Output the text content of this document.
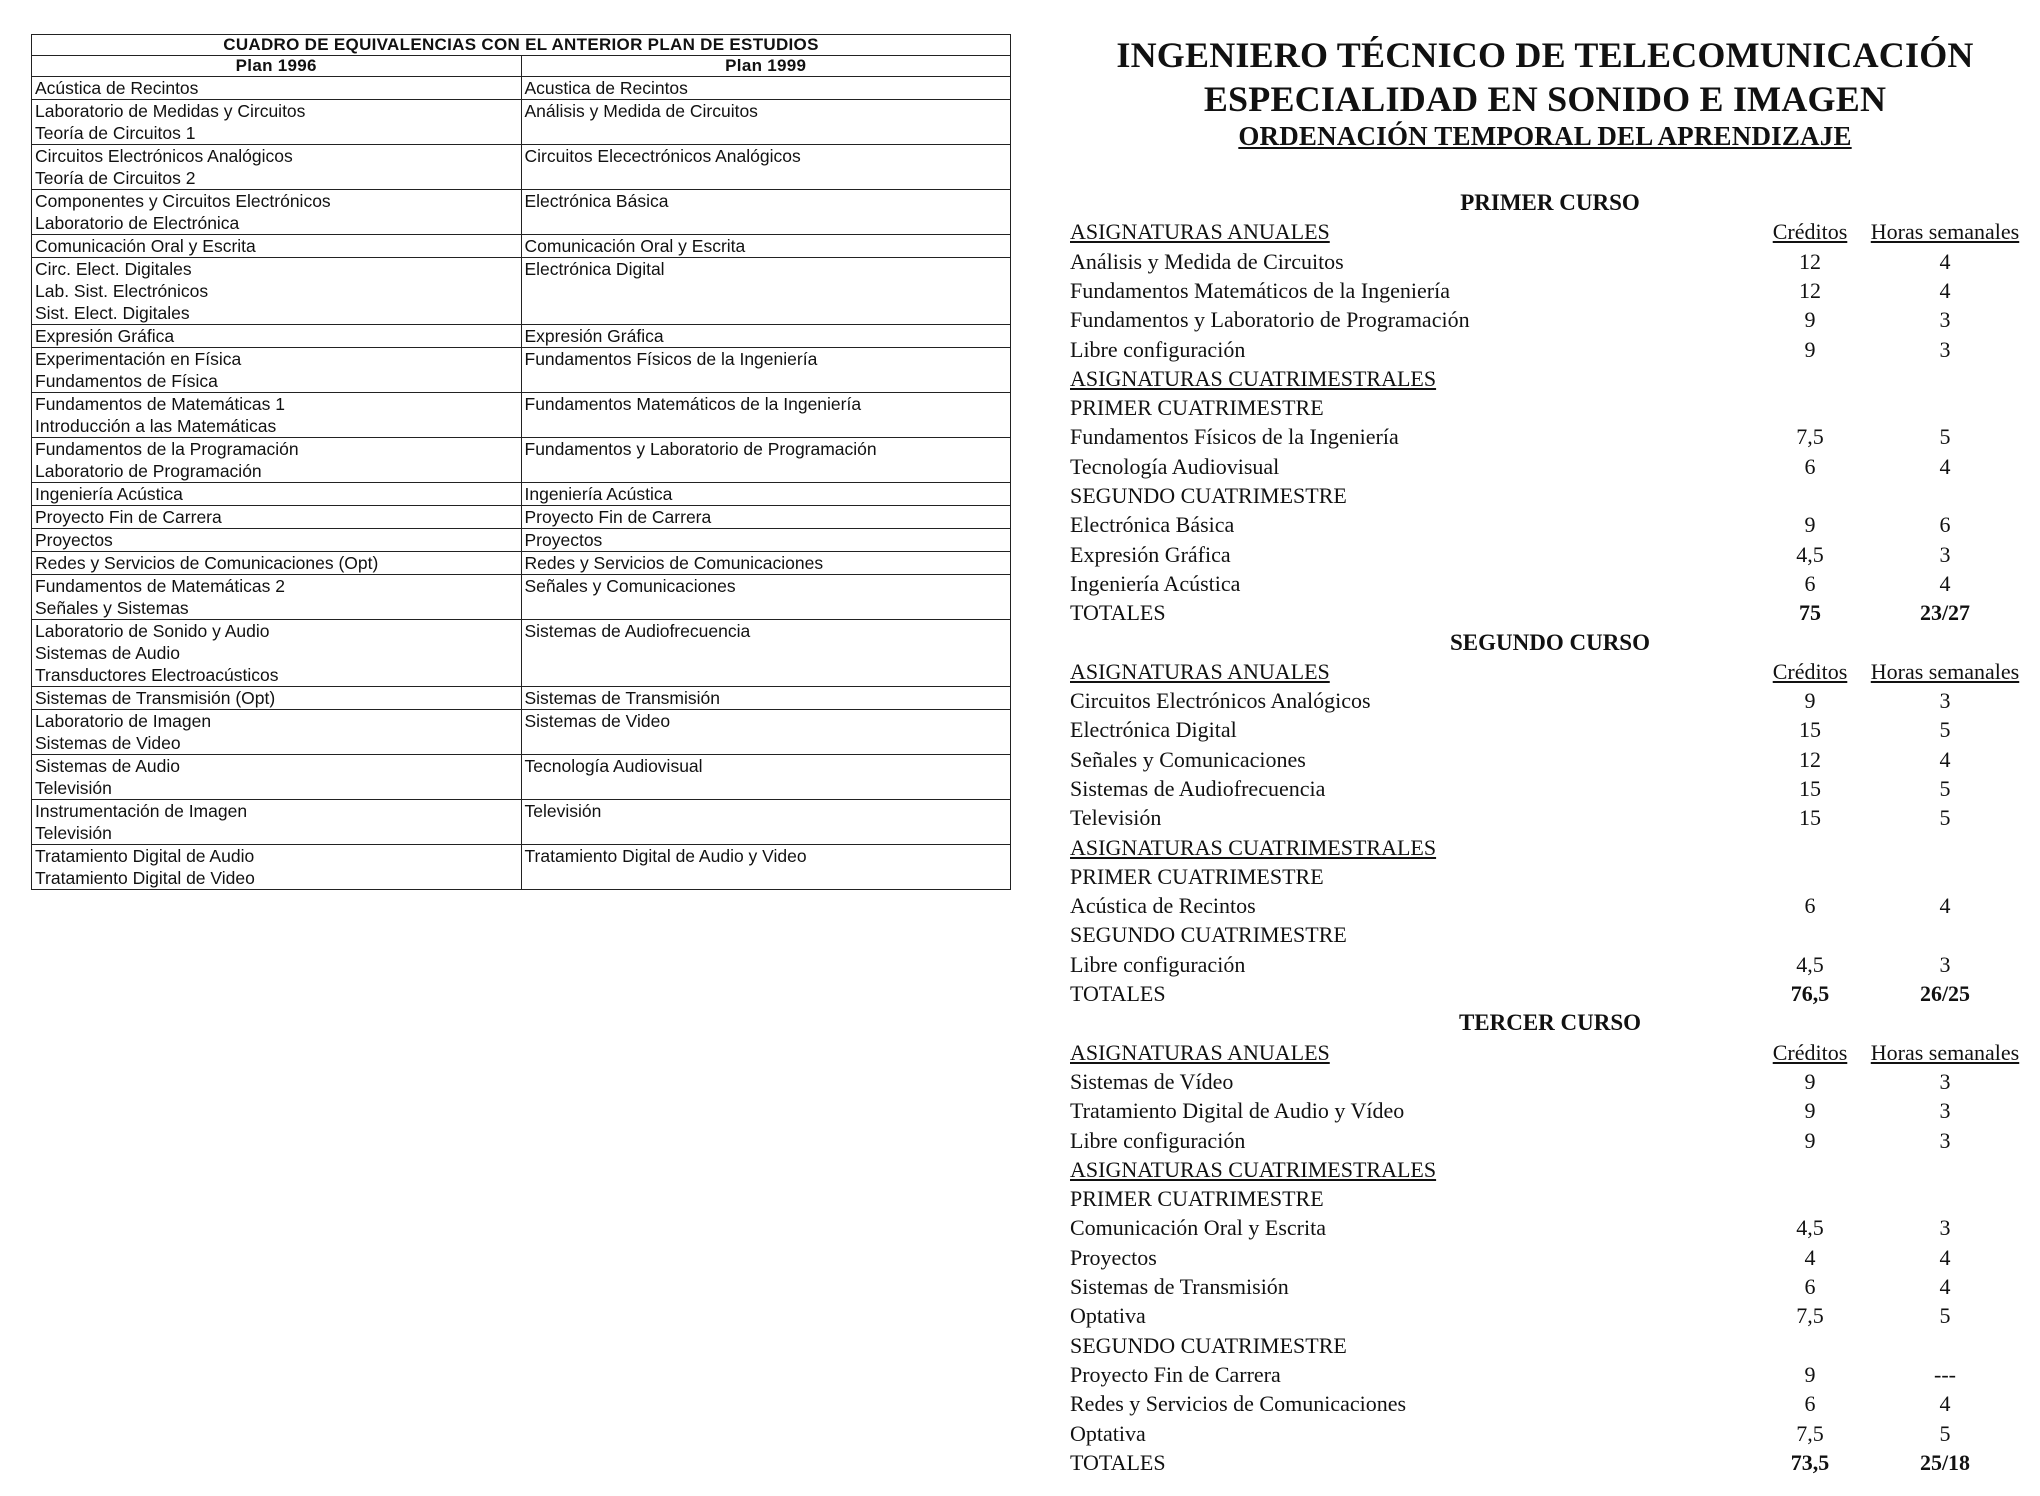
CUADRO DE EQUIVALENCIAS CON EL ANTERIOR PLAN DE ESTUDIOS	
Plan 1996	Plan 1999

Acústica de Recintos	Acustica de Recintos

Laboratorio de Medidas y Circuitos
Teoría de Circuitos 1	Análisis y Medida de Circuitos

Circuitos Electrónicos Analógicos
Teoría de Circuitos 2	Circuitos Elecectrónicos Analógicos

Componentes y Circuitos Electrónicos
Laboratorio de Electrónica	Electrónica Básica

Comunicación Oral y Escrita	Comunicación Oral y Escrita

Circ. Elect. Digitales
Lab. Sist. Electrónicos
Sist. Elect. Digitales	Electrónica Digital

Expresión Gráfica	Expresión Gráfica

Experimentación en Física
Fundamentos de Física	Fundamentos Físicos de la Ingeniería

Fundamentos de Matemáticas 1
Introducción a las Matemáticas	Fundamentos Matemáticos de la Ingeniería

Fundamentos de la Programación
Laboratorio de Programación	Fundamentos y Laboratorio de Programación

Ingeniería Acústica	Ingeniería Acústica

Proyecto Fin de Carrera	Proyecto Fin de Carrera

Proyectos	Proyectos

Redes y Servicios de Comunicaciones (Opt)	Redes y Servicios de Comunicaciones

Fundamentos de Matemáticas 2
Señales y Sistemas	Señales y Comunicaciones

Laboratorio de Sonido y Audio
Sistemas de Audio
Transductores Electroacústicos	Sistemas de Audiofrecuencia

Sistemas de Transmisión (Opt)	Sistemas de Transmisión

Laboratorio de Imagen
Sistemas de Video	Sistemas de Video

Sistemas de Audio
Televisión	Tecnología Audiovisual

Instrumentación de Imagen
Televisión	Televisión

Tratamiento Digital de Audio
Tratamiento Digital de Video	Tratamiento Digital de Audio y Video
INGENIERO TÉCNICO DE TELECOMUNICACIÓN
ESPECIALIDAD EN SONIDO E IMAGEN
ORDENACIÓN TEMPORAL DEL APRENDIZAJE
PRIMER CURSO
ASIGNATURAS ANUALES	Créditos	Horas semanales
Análisis y Medida de Circuitos	12	4
Fundamentos Matemáticos de la Ingeniería	12	4
Fundamentos y Laboratorio de Programación	9	3
Libre configuración	9	3
ASIGNATURAS CUATRIMESTRALES
PRIMER CUATRIMESTRE
Fundamentos Físicos de la Ingeniería	7,5	5
Tecnología Audiovisual	6	4
SEGUNDO CUATRIMESTRE
Electrónica Básica	9	6
Expresión Gráfica	4,5	3
Ingeniería Acústica	6	4
TOTALES	75	23/27
SEGUNDO CURSO
ASIGNATURAS ANUALES	Créditos	Horas semanales
Circuitos Electrónicos Analógicos	9	3
Electrónica Digital	15	5
Señales y Comunicaciones	12	4
Sistemas de Audiofrecuencia	15	5
Televisión	15	5
ASIGNATURAS CUATRIMESTRALES
PRIMER CUATRIMESTRE
Acústica de Recintos	6	4
SEGUNDO CUATRIMESTRE
Libre configuración	4,5	3
TOTALES	76,5	26/25
TERCER CURSO
ASIGNATURAS ANUALES	Créditos	Horas semanales
Sistemas de Vídeo	9	3
Tratamiento Digital de Audio y Vídeo	9	3
Libre configuración	9	3
ASIGNATURAS CUATRIMESTRALES
PRIMER CUATRIMESTRE
Comunicación Oral y Escrita	4,5	3
Proyectos	4	4
Sistemas de Transmisión	6	4
Optativa	7,5	5
SEGUNDO CUATRIMESTRE
Proyecto Fin de Carrera	9	---
Redes y Servicios de Comunicaciones	6	4
Optativa	7,5	5
TOTALES	73,5	25/18
